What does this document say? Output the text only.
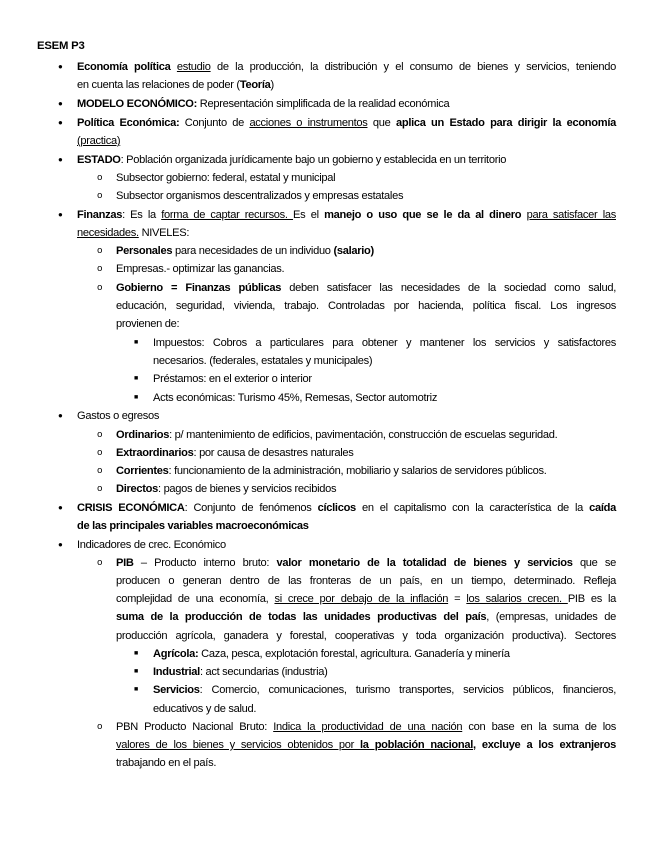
ESEM P3
● Economía política estudio de la producción, la distribución y el consumo de bienes y servicios, teniendo
en cuenta las relaciones de poder (Teoría)
● MODELO ECONÓMICO: Representación simplificada de la realidad económica
● Política Económica: Conjunto de acciones o instrumentos que aplica un Estado para dirigir la economía
(practica)
● ESTADO: Población organizada jurídicamente bajo un gobierno y establecida en un territorio
o Subsector gobierno: federal, estatal y municipal
o Subsector organismos descentralizados y empresas estatales
● Finanzas: Es la forma de captar recursos. Es el manejo o uso que se le da al dinero para satisfacer las
necesidades. NIVELES:
o Personales para necesidades de un individuo (salario)
o Empresas.- optimizar las ganancias.
o Gobierno = Finanzas públicas deben satisfacer las necesidades de la sociedad como salud,
educación, seguridad, vivienda, trabajo. Controladas por hacienda, política fiscal. Los ingresos
provienen de:
■ Impuestos: Cobros a particulares para obtener y mantener los servicios y satisfactores
necesarios. (federales, estatales y municipales)
■ Préstamos: en el exterior o interior
■ Acts económicas: Turismo 45%, Remesas, Sector automotriz
● Gastos o egresos
o Ordinarios: p/ mantenimiento de edificios, pavimentación, construcción de escuelas seguridad.
o Extraordinarios: por causa de desastres naturales
o Corrientes: funcionamiento de la administración, mobiliario y salarios de servidores públicos.
o Directos: pagos de bienes y servicios recibidos
● CRISIS ECONÓMICA: Conjunto de fenómenos cíclicos en el capitalismo con la característica de la caída
de las principales variables macroeconómicas
● Indicadores de crec. Económico
o PIB – Producto interno bruto: valor monetario de la totalidad de bienes y servicios que se
producen o generan dentro de las fronteras de un país, en un tiempo, determinado. Refleja
complejidad de una economía, si crece por debajo de la inflación = los salarios crecen. PIB es la
suma de la producción de todas las unidades productivas del país, (empresas, unidades de
producción agrícola, ganadera y forestal, cooperativas y toda organización productiva). Sectores
■ Agrícola: Caza, pesca, explotación forestal, agricultura. Ganadería y minería
■ Industrial: act secundarias (industria)
■ Servicios: Comercio, comunicaciones, turismo transportes, servicios públicos, financieros,
educativos y de salud.
o PBN Producto Nacional Bruto: Indica la productividad de una nación con base en la suma de los
valores de los bienes y servicios obtenidos por la población nacional, excluye a los extranjeros
trabajando en el país.
